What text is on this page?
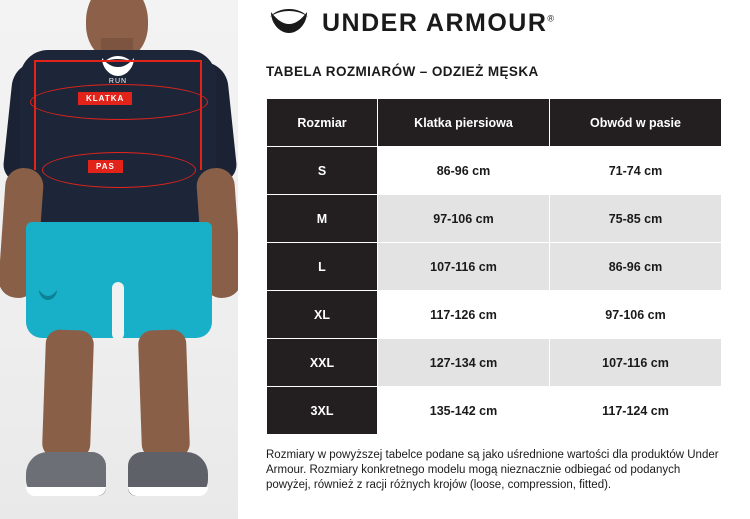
RUN
KLATKA
PAS
UNDER ARMOUR®
TABELA ROZMIARÓW – ODZIEŻ MĘSKA
Rozmiar	Klatka piersiowa	Obwód w pasie
S	86-96 cm	71-74 cm
M	97-106 cm	75-85 cm
L	107-116 cm	86-96 cm
XL	117-126 cm	97-106 cm
XXL	127-134 cm	107-116 cm
3XL	135-142 cm	117-124 cm
Rozmiary w powyższej tabelce podane są jako uśrednione wartości dla produktów Under Armour. Rozmiary konkretnego modelu mogą nieznacznie odbiegać od podanych powyżej, również z racji różnych krojów (loose, compression, fitted).
